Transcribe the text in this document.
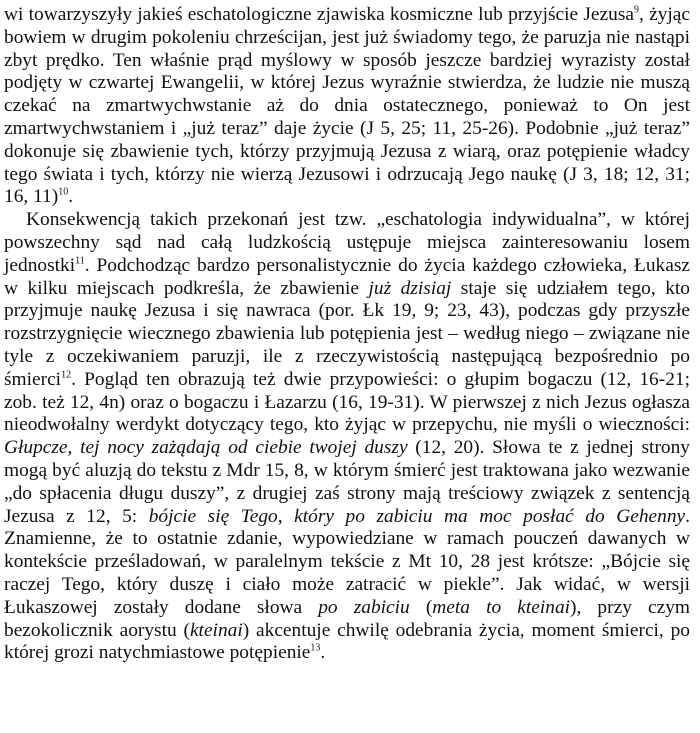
wi towarzyszyły jakieś eschatologiczne zjawiska kosmiczne lub przyjście Jezusa$^9$, żyjąc bowiem w drugim pokoleniu chrześcijan, jest już świadomy tego, że paruzja nie nastąpi zbyt prędko. Ten właśnie prąd myślowy w sposób jeszcze bardziej wyrazisty został podjęty w czwartej Ewangelii, w której Jezus wyraźnie stwierdza, że ludzie nie muszą czekać na zmartwychwstanie aż do dnia ostatecznego, ponieważ to On jest zmartwychwstaniem i „już teraz” daje życie (J 5, 25; 11, 25-26). Podobnie „już teraz” dokonuje się zbawienie tych, którzy przyjmują Jezusa z wiarą, oraz potępienie władcy tego świata i tych, którzy nie wierzą Jezusowi i odrzucają Jego naukę (J 3, 18; 12, 31; 16, 11)$^{10}$.

Konsekwencją takich przekonań jest tzw. „eschatologia indywidualna”, w której powszechny sąd nad całą ludzkością ustępuje miejsca zainteresowaniu losem jednostki$^{11}$. Podchodząc bardzo personalistycznie do życia każdego człowieka, Łukasz w kilku miejscach podkreśla, że zbawienie już dzisiaj staje się udziałem tego, kto przyjmuje naukę Jezusa i się nawraca (por. Łk 19, 9; 23, 43), podczas gdy przyszłe rozstrzygnięcie wiecznego zbawienia lub potępienia jest – według niego – związane nie tyle z oczekiwaniem paruzji, ile z rzeczywistością następującą bezpośrednio po śmierci$^{12}$. Pogląd ten obrazują też dwie przypowieści: o głupim bogaczu (12, 16-21; zob. też 12, 4n) oraz o bogaczu i Łazarzu (16, 19-31). W pierwszej z nich Jezus ogłasza nieodwołalny werdykt dotyczący tego, kto żyjąc w przepychu, nie myśli o wieczności: Głupcze, tej nocy zażądają od ciebie twojej duszy (12, 20). Słowa te z jednej strony mogą być aluzją do tekstu z Mdr 15, 8, w którym śmierć jest traktowana jako wezwanie „do spłacenia długu duszy”, z drugiej zaś strony mają treściowy związek z sentencją Jezusa z 12, 5: bójcie się Tego, który po zabiciu ma moc posłać do Gehenny. Znamienne, że to ostatnie zdanie, wypowiedziane w ramach pouczeń dawanych w kontekście prześladowań, w paralelnym tekście z Mt 10, 28 jest krótsze: „Bójcie się raczej Tego, który duszę i ciało może zatracić w piekle”. Jak widać, w wersji Łukaszowej zostały dodane słowa po zabiciu (meta to kteinai), przy czym bezokolicznik aorystu (kteinai) akcentuje chwilę odebrania życia, moment śmierci, po której grozi natychmiastowe potępienie$^{13}$.
